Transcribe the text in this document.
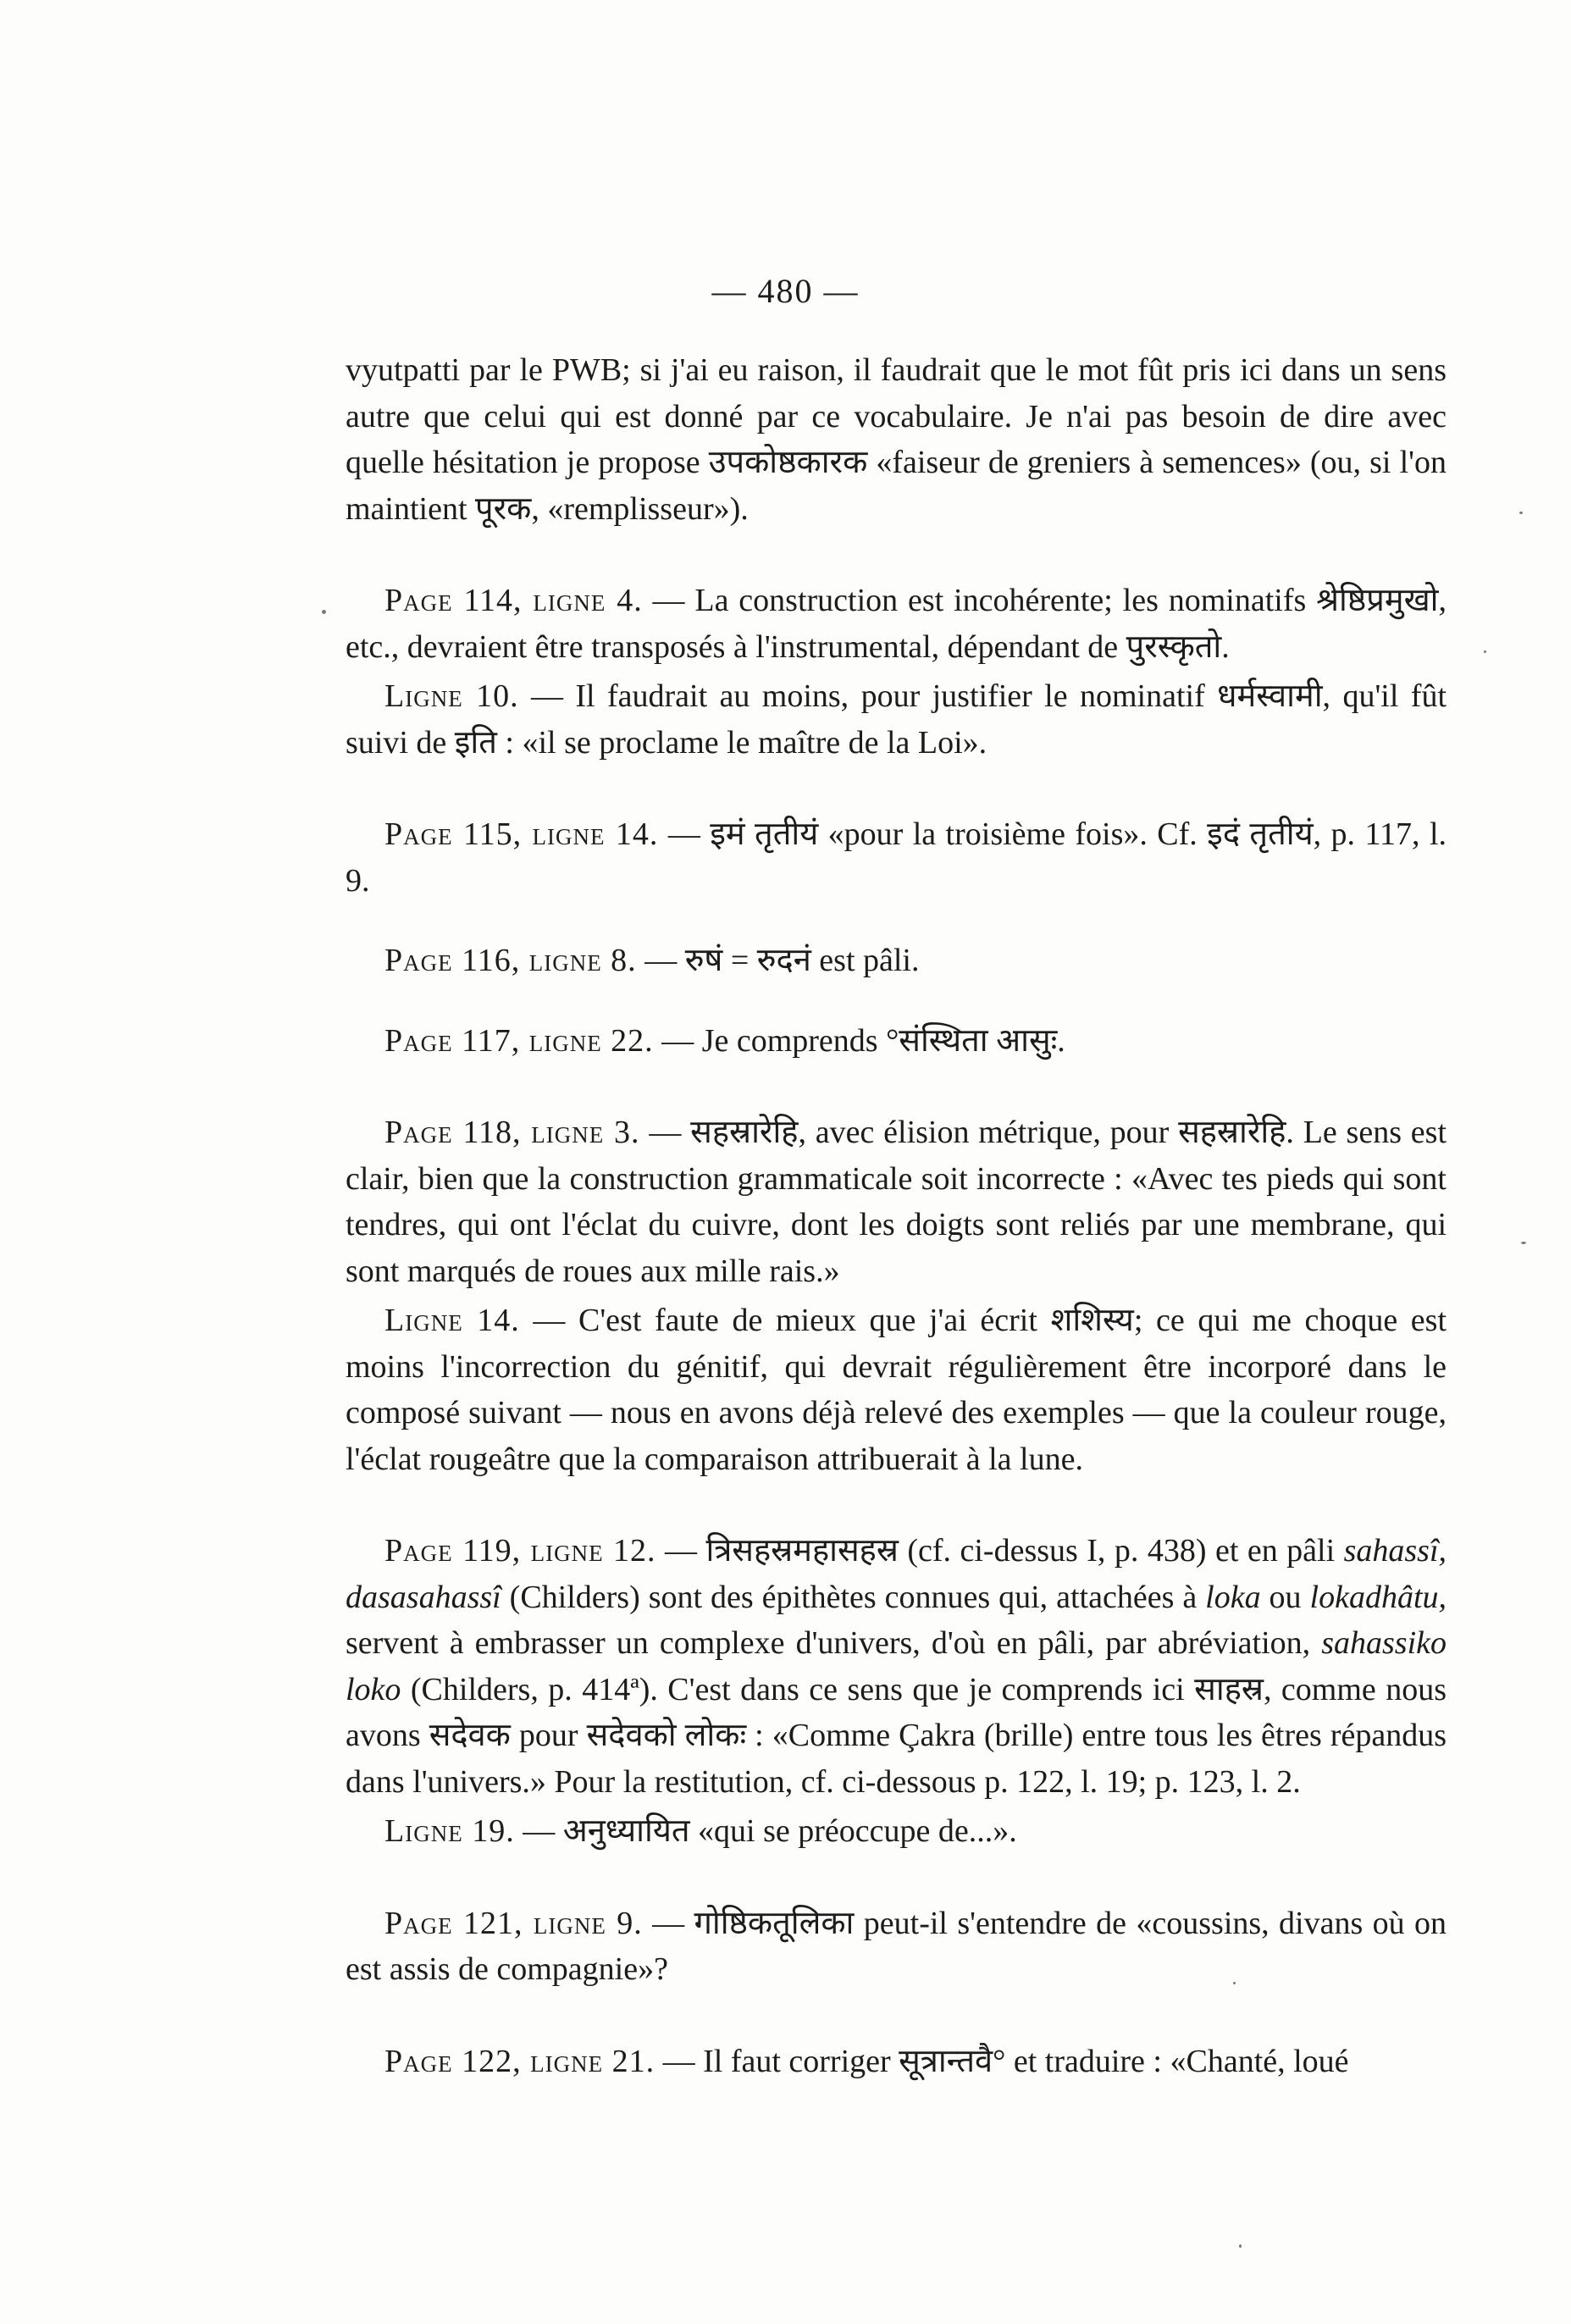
— 480 —

vyutpatti par le PWB; si j'ai eu raison, il faudrait que le mot fût pris ici dans un sens autre que celui qui est donné par ce vocabulaire. Je n'ai pas besoin de dire avec quelle hésitation je propose उपकोष्ठकारक «faiseur de greniers à semences» (ou, si l'on maintient पूरक, «remplisseur»).

Page 114, ligne 4. — La construction est incohérente; les nominatifs श्रेष्ठिप्रमुखो, etc., devraient être transposés à l'instrumental, dépendant de पुरस्कृतो.

Ligne 10. — Il faudrait au moins, pour justifier le nominatif धर्मस्वामी, qu'il fût suivi de इति : «il se proclame le maître de la Loi».

Page 115, ligne 14. — इमं तृतीयं «pour la troisième fois». Cf. इदं तृतीयं, p. 117, l. 9.

Page 116, ligne 8. — रुषं = रुदनं est pâli.

Page 117, ligne 22. — Je comprends °संस्थिता आसुः.

Page 118, ligne 3. — सहस्रारेहि, avec élision métrique, pour सहस्रारेहि. Le sens est clair, bien que la construction grammaticale soit incorrecte : «Avec tes pieds qui sont tendres, qui ont l'éclat du cuivre, dont les doigts sont reliés par une membrane, qui sont marqués de roues aux mille rais.»

Ligne 14. — C'est faute de mieux que j'ai écrit शशिस्य; ce qui me choque est moins l'incorrection du génitif, qui devrait régulièrement être incorporé dans le composé suivant — nous en avons déjà relevé des exemples — que la couleur rouge, l'éclat rougeâtre que la comparaison attribuerait à la lune.

Page 119, ligne 12. — त्रिसहस्रमहासहस्र (cf. ci-dessus I, p. 438) et en pâli sahassî, dasasahassî (Childers) sont des épithètes connues qui, attachées à loka ou lokadhâtu, servent à embrasser un complexe d'univers, d'où en pâli, par abréviation, sahassiko loko (Childers, p. 414ª). C'est dans ce sens que je comprends ici साहस्र, comme nous avons सदेवक pour सदेवको लोकः : «Comme Çakra (brille) entre tous les êtres répandus dans l'univers.» Pour la restitution, cf. ci-dessous p. 122, l. 19; p. 123, l. 2.

Ligne 19. — अनुध्यायित «qui se préoccupe de...».

Page 121, ligne 9. — गोष्ठिकतूलिका peut-il s'entendre de «coussins, divans où on est assis de compagnie»?

Page 122, ligne 21. — Il faut corriger सूत्रान्तवै° et traduire : «Chanté, loué
